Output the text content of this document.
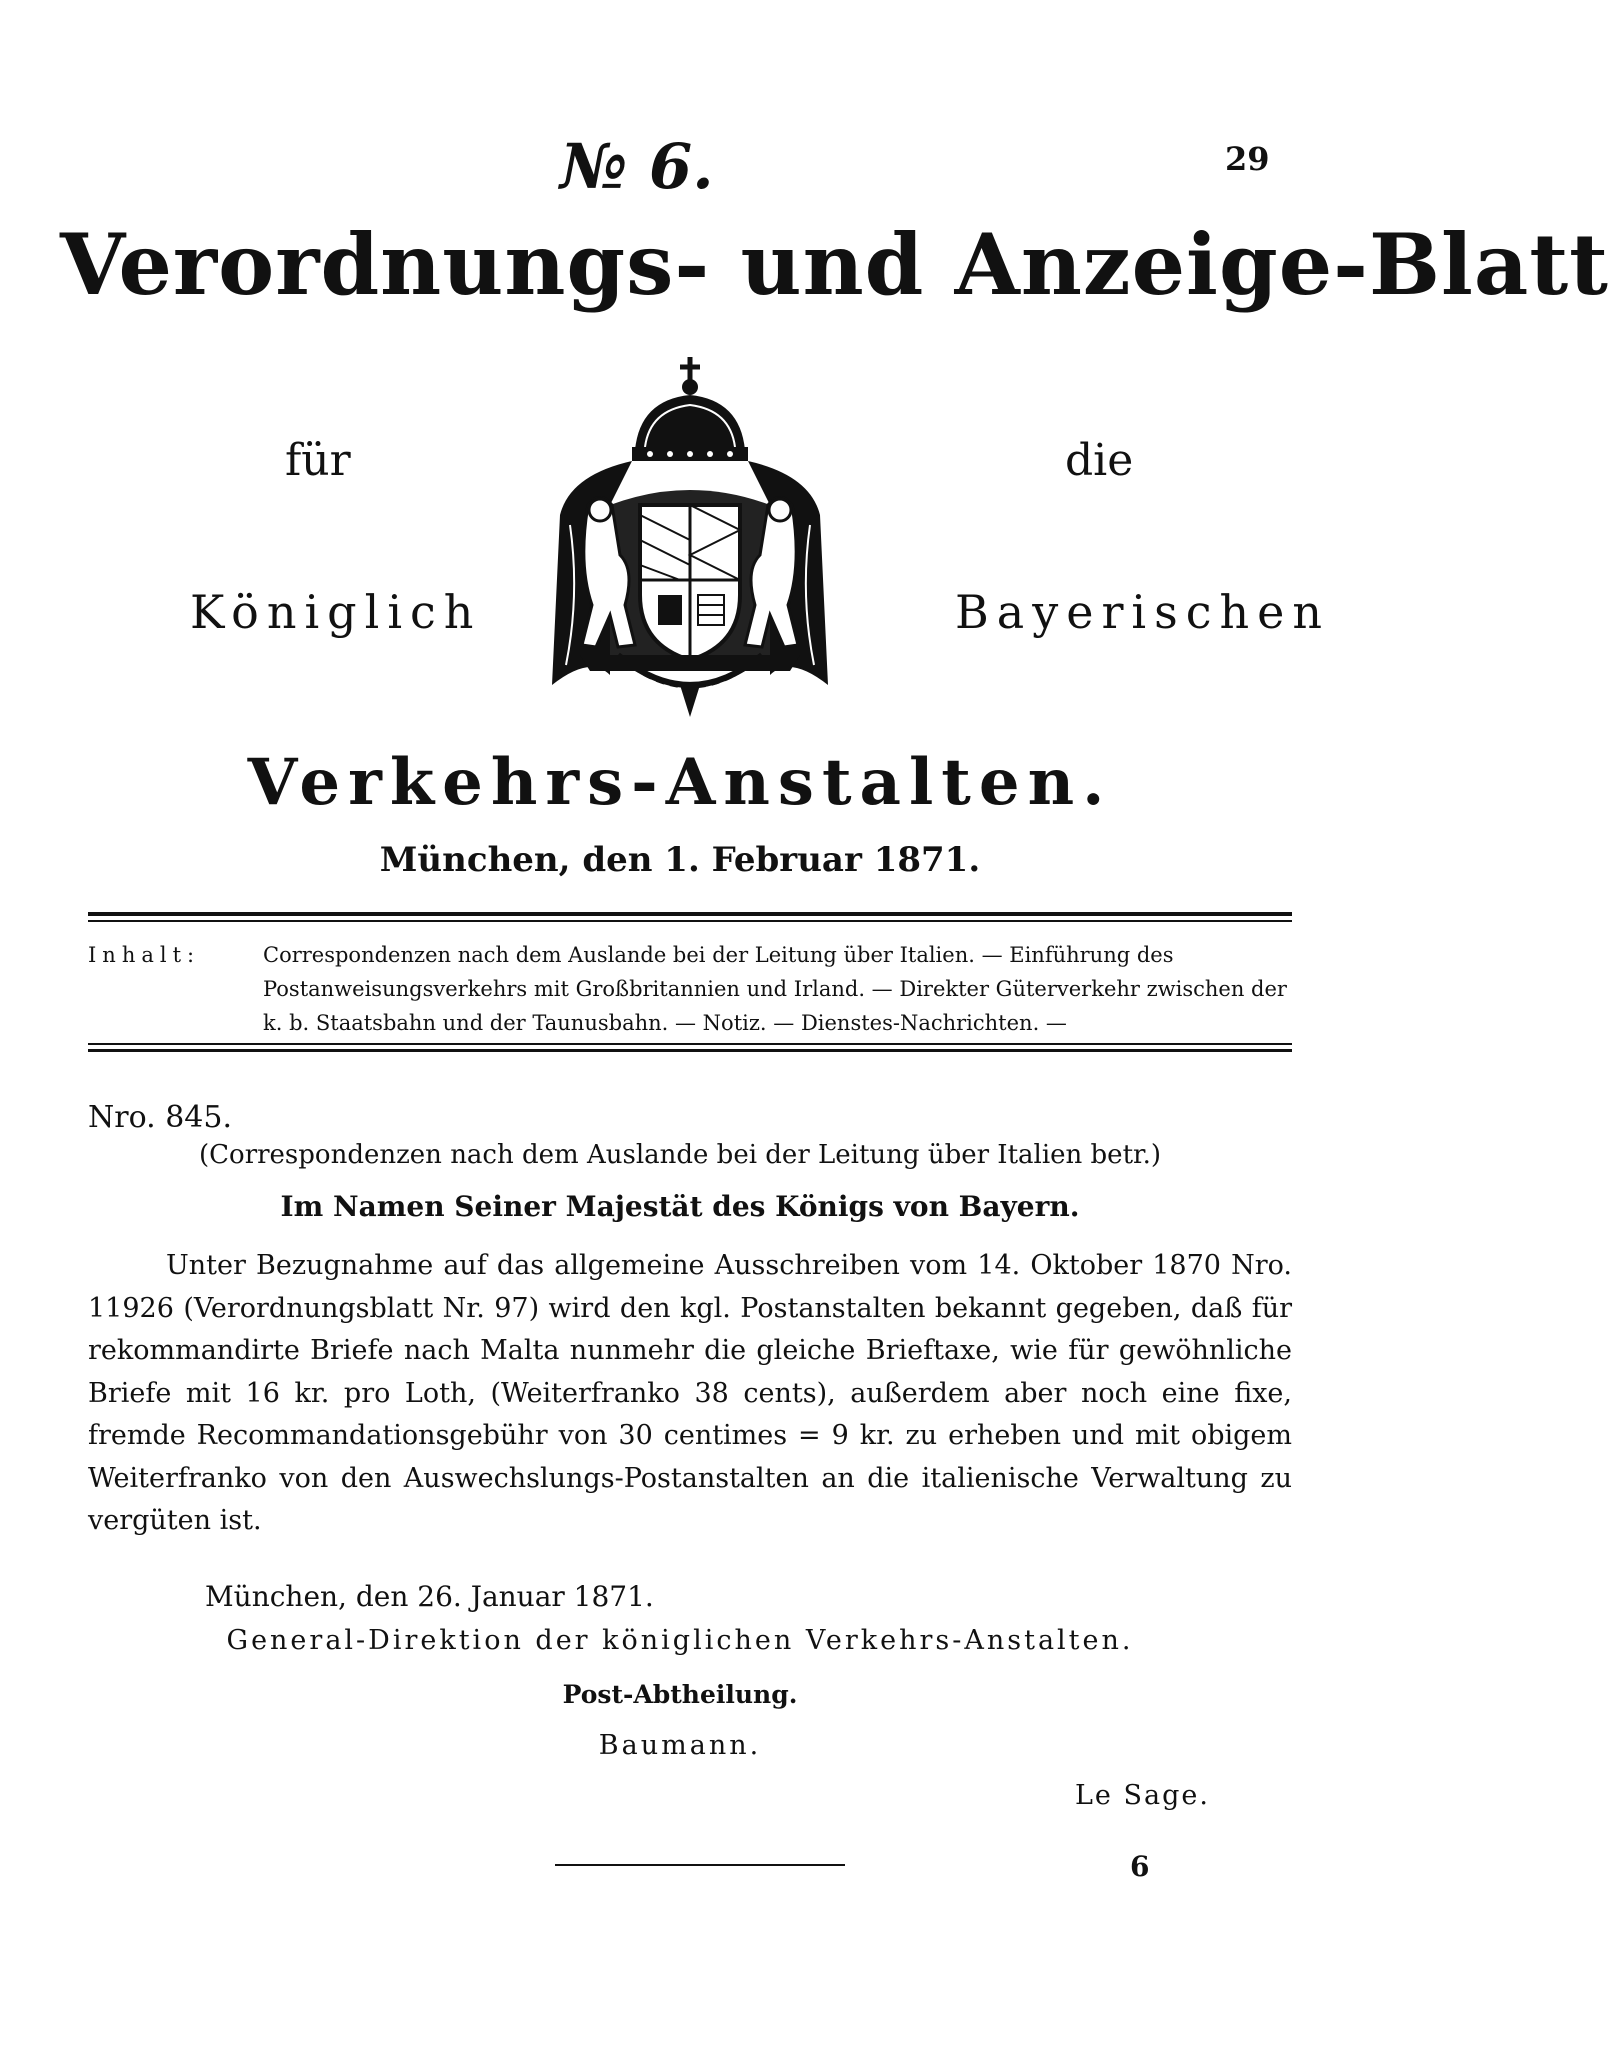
№ 6.	29
Verordnungs- und Anzeige-Blatt
für	die
Königlich	Bayerischen
Verkehrs-Anstalten.
München, den 1. Februar 1871.
Inhalt:	Correspondenzen nach dem Auslande bei der Leitung über Italien. — Einführung des Postanweisungsverkehrs mit Großbritannien und Irland. — Direkter Güterverkehr zwischen der k. b. Staatsbahn und der Taunusbahn. — Notiz. — Dienstes-Nachrichten. —
Nro. 845.
(Correspondenzen nach dem Auslande bei der Leitung über Italien betr.)
Im Namen Seiner Majestät des Königs von Bayern.
Unter Bezugnahme auf das allgemeine Ausschreiben vom 14. Oktober 1870 Nro. 11926 (Verordnungsblatt Nr. 97) wird den kgl. Postanstalten bekannt gegeben, daß für rekommandirte Briefe nach Malta nunmehr die gleiche Brieftaxe, wie für gewöhnliche Briefe mit 16 kr. pro Loth, (Weiterfranko 38 cents), außerdem aber noch eine fixe, fremde Recommandationsgebühr von 30 centimes = 9 kr. zu erheben und mit obigem Weiterfranko von den Auswechslungs-Postanstalten an die italienische Verwaltung zu vergüten ist.
München, den 26. Januar 1871.
General-Direktion der königlichen Verkehrs-Anstalten.
Post-Abtheilung.
Baumann.
Le Sage.
6
